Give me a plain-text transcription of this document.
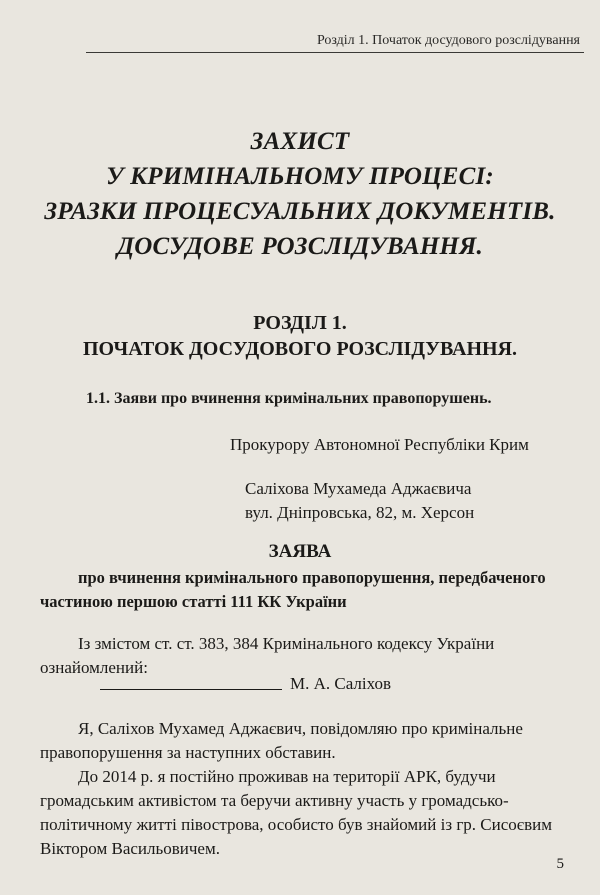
Розділ 1. Початок досудового розслідування
ЗАХИСТ
У КРИМІНАЛЬНОМУ ПРОЦЕСІ:
ЗРАЗКИ ПРОЦЕСУАЛЬНИХ ДОКУМЕНТІВ.
ДОСУДОВЕ РОЗСЛІДУВАННЯ.
РОЗДІЛ 1.
ПОЧАТОК ДОСУДОВОГО РОЗСЛІДУВАННЯ.
1.1. Заяви про вчинення кримінальних правопорушень.
Прокурору Автономної Республіки Крим
Саліхова Мухамеда Аджаєвича
вул. Дніпровська, 82, м. Херсон
ЗАЯВА
про вчинення кримінального правопорушення, передбаченого частиною першою статті 111 КК України
Із змістом ст. ст. 383, 384 Кримінального кодексу України ознайомлений:
М. А. Саліхов
Я, Саліхов Мухамед Аджаєвич, повідомляю про кримінальне правопорушення за наступних обставин.
До 2014 р. я постійно проживав на території АРК, будучи громадським активістом та беручи активну участь у громадсько-політичному житті півострова, особисто був знайомий із гр. Сисоєвим Віктором Васильовичем.
5
